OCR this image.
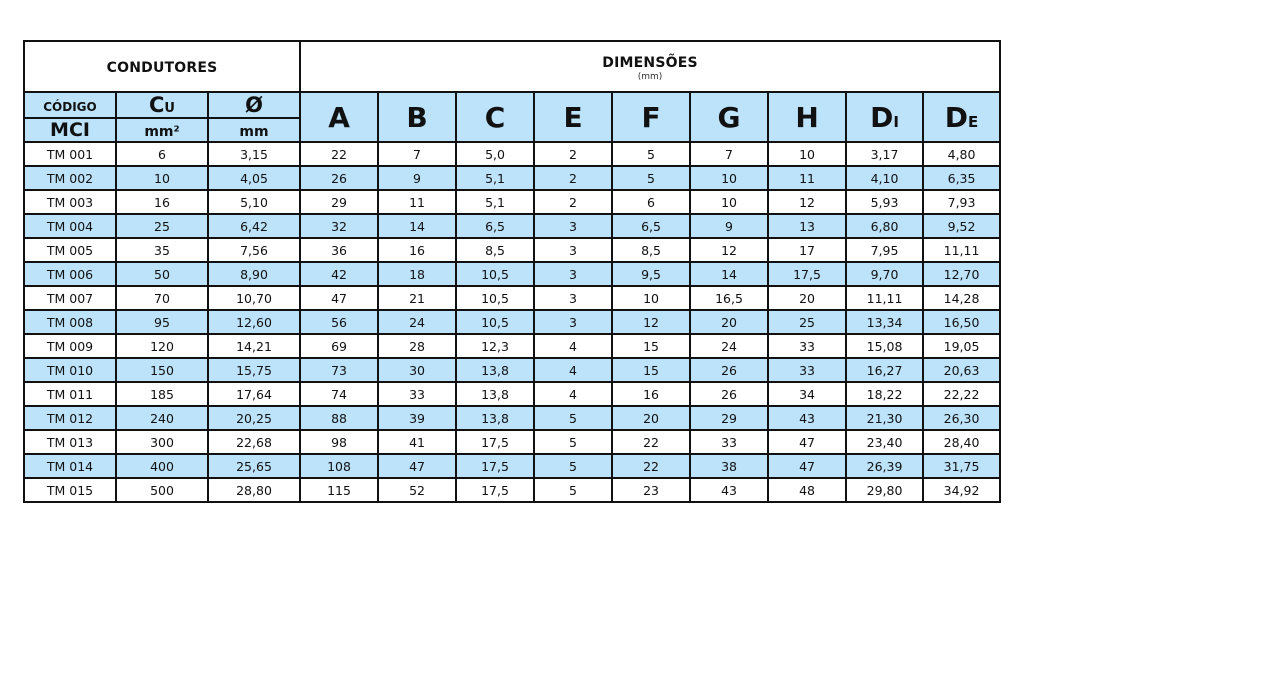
CONDUTORES			DIMENSÕES
(mm)								

CÓDIGO	CU	Ø	A	B	C	E	F	G	H	DI	DE
MCI	mm²	mm									
TM 001	6	3,15	22	7	5,0	2	5	7	10	3,17	4,80
TM 002	10	4,05	26	9	5,1	2	5	10	11	4,10	6,35
TM 003	16	5,10	29	11	5,1	2	6	10	12	5,93	7,93
TM 004	25	6,42	32	14	6,5	3	6,5	9	13	6,80	9,52
TM 005	35	7,56	36	16	8,5	3	8,5	12	17	7,95	11,11
TM 006	50	8,90	42	18	10,5	3	9,5	14	17,5	9,70	12,70
TM 007	70	10,70	47	21	10,5	3	10	16,5	20	11,11	14,28
TM 008	95	12,60	56	24	10,5	3	12	20	25	13,34	16,50
TM 009	120	14,21	69	28	12,3	4	15	24	33	15,08	19,05
TM 010	150	15,75	73	30	13,8	4	15	26	33	16,27	20,63
TM 011	185	17,64	74	33	13,8	4	16	26	34	18,22	22,22
TM 012	240	20,25	88	39	13,8	5	20	29	43	21,30	26,30
TM 013	300	22,68	98	41	17,5	5	22	33	47	23,40	28,40
TM 014	400	25,65	108	47	17,5	5	22	38	47	26,39	31,75
TM 015	500	28,80	115	52	17,5	5	23	43	48	29,80	34,92
